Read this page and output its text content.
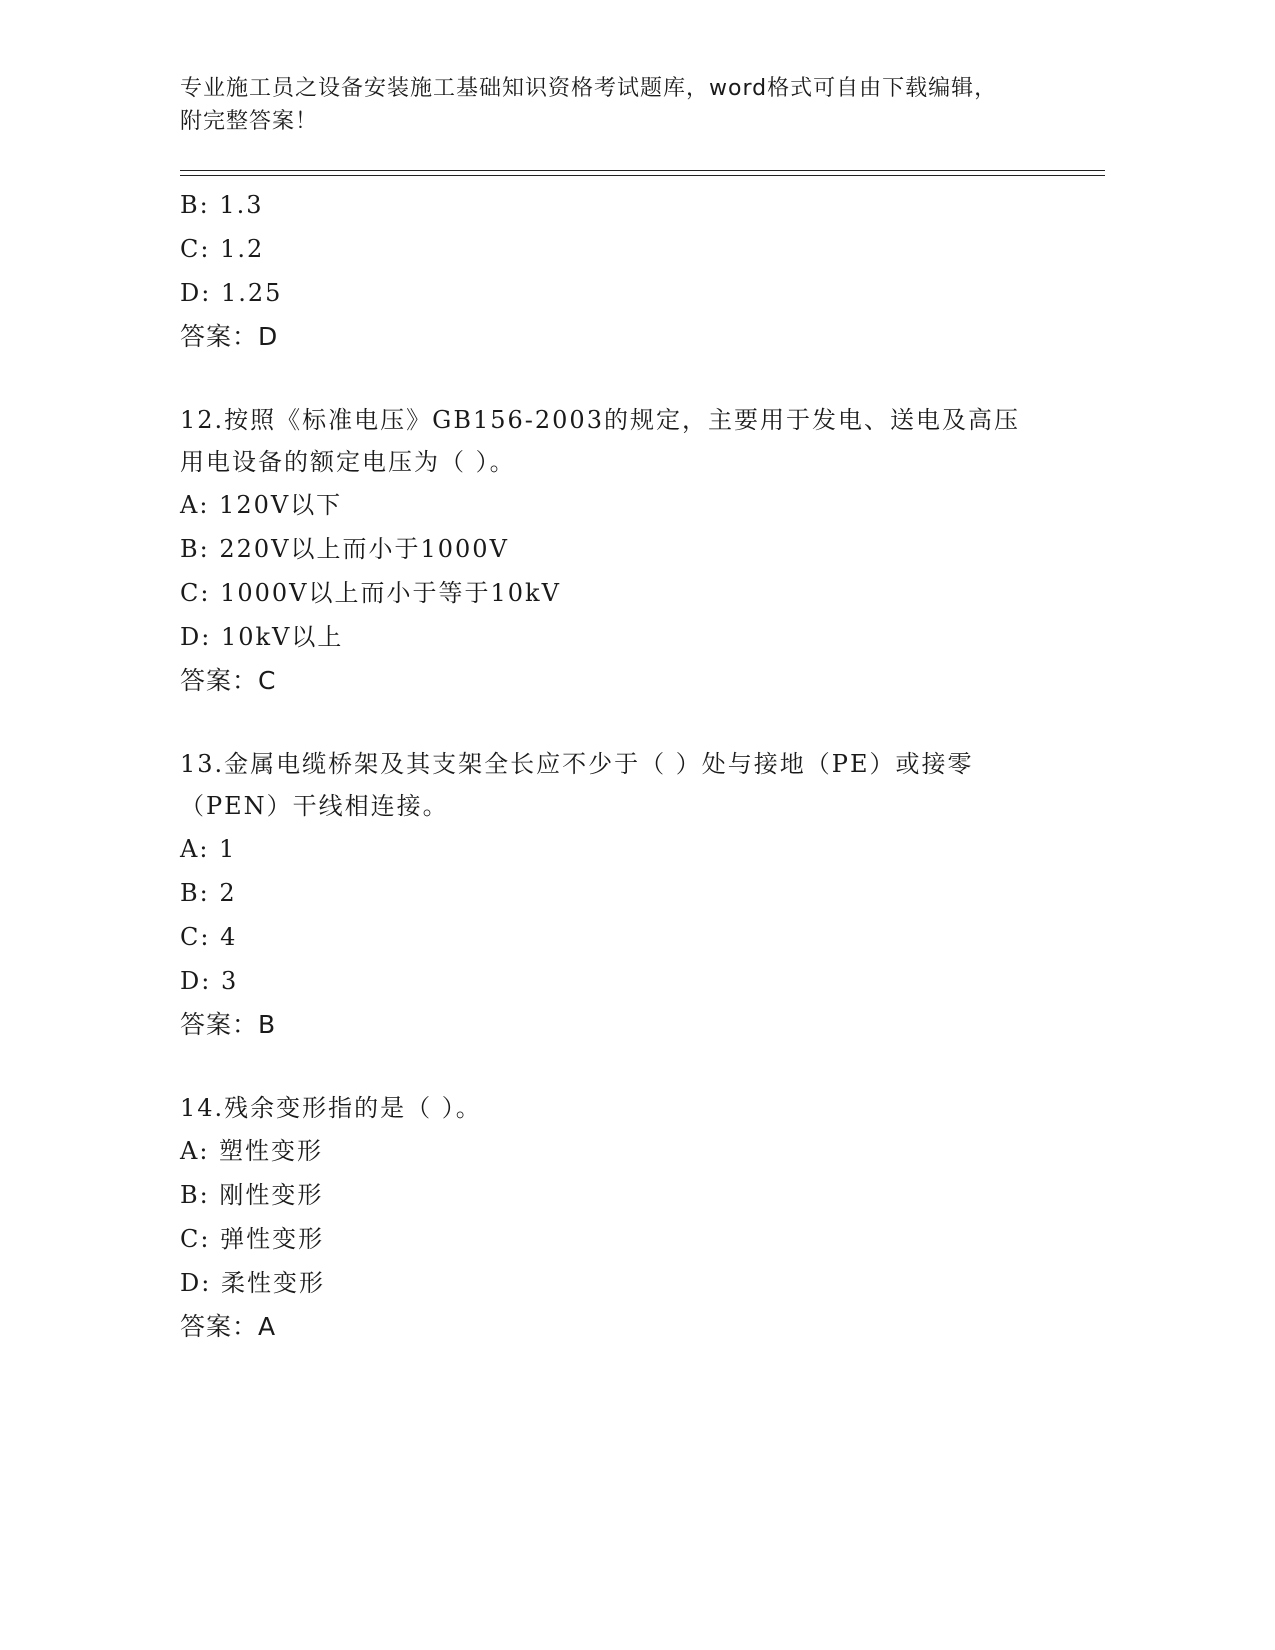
专业施工员之设备安装施工基础知识资格考试题库，word格式可自由下载编辑，
附完整答案！
B: 1.3
C: 1.2
D: 1.25
答案：D
12.按照《标准电压》GB156-2003的规定，主要用于发电、送电及高压
用电设备的额定电压为（ ）。
A: 120V以下
B: 220V以上而小于1000V
C: 1000V以上而小于等于10kV
D: 10kV以上
答案：C
13.金属电缆桥架及其支架全长应不少于（ ）处与接地（PE）或接零
（PEN）干线相连接。
A: 1
B: 2
C: 4
D: 3
答案：B
14.残余变形指的是（ ）。
A: 塑性变形
B: 刚性变形
C: 弹性变形
D: 柔性变形
答案：A
